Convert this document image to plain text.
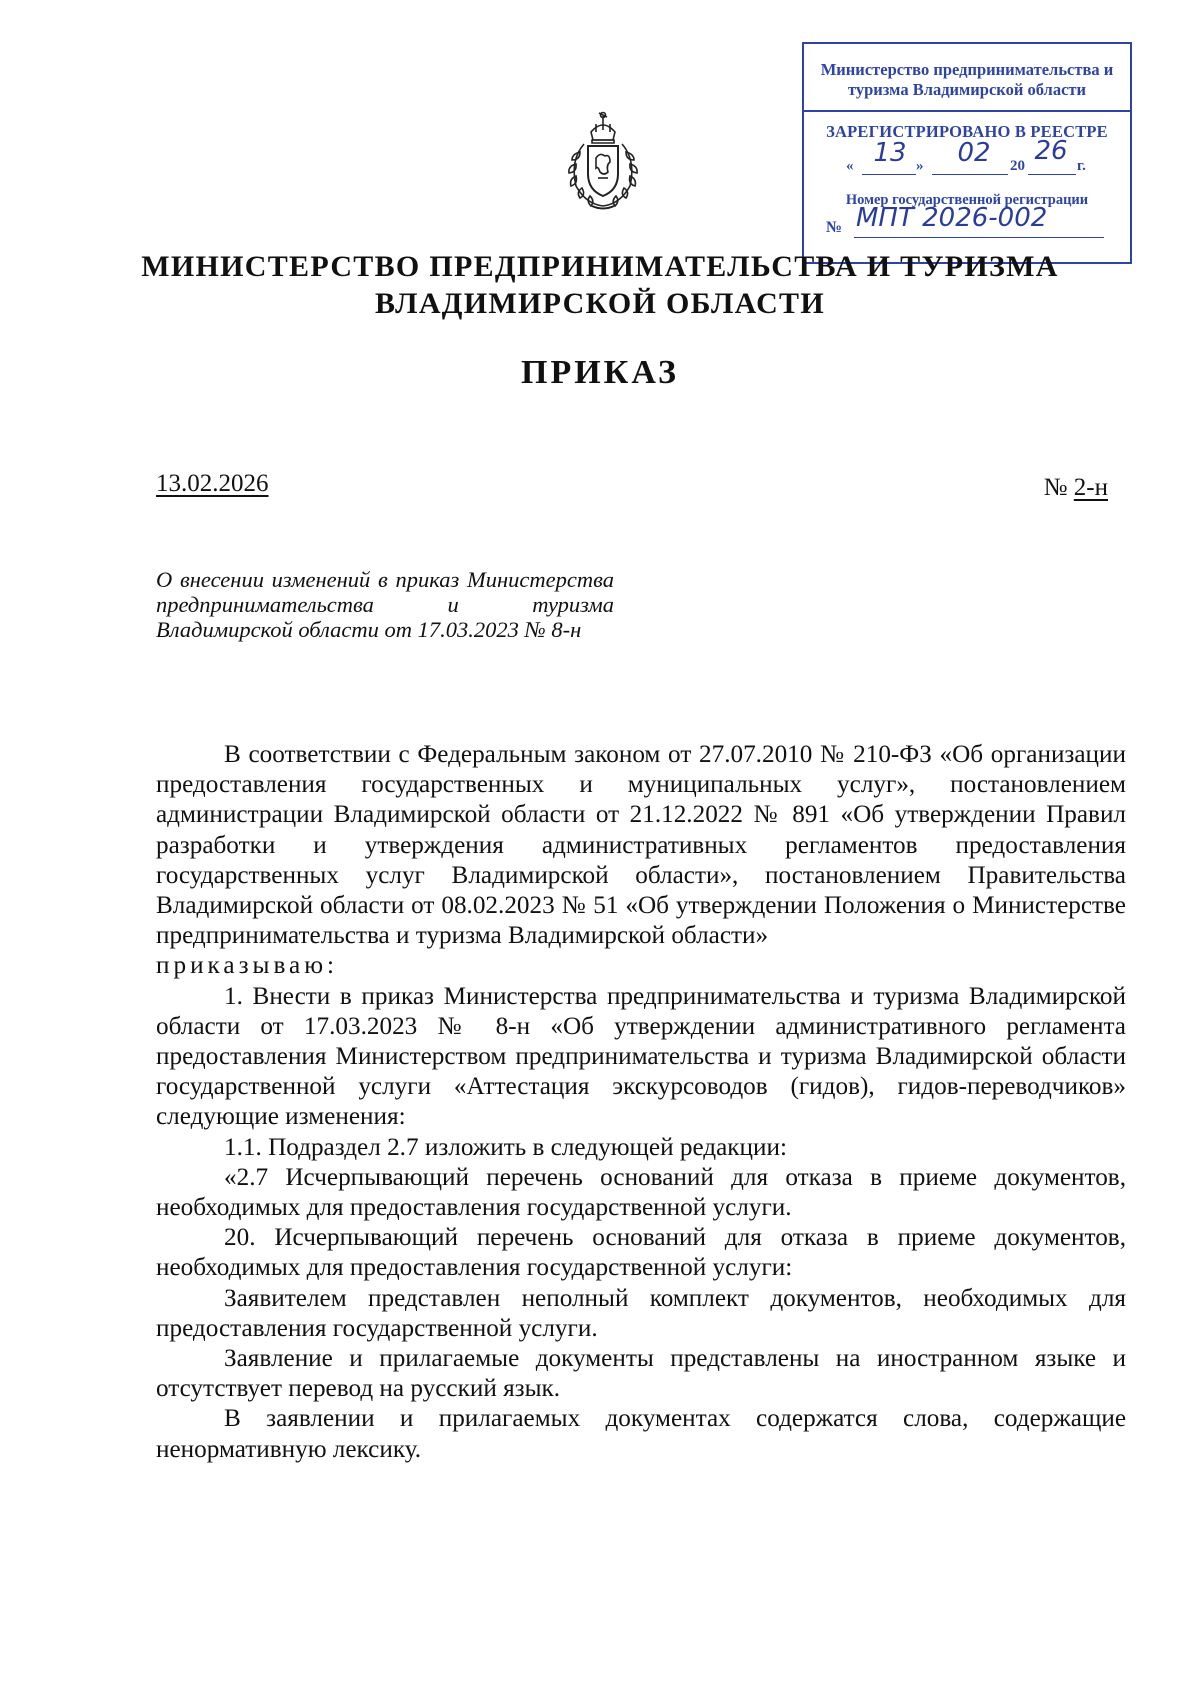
Министерство предпринимательства и туризма Владимирской области
ЗАРЕГИСТРИРОВАНО В РЕЕСТРЕ
« 13 »	02	20 26 г.
Номер государственной регистрации
№ МПТ 2026-002
МИНИСТЕРСТВО ПРЕДПРИНИМАТЕЛЬСТВА И ТУРИЗМА
ВЛАДИМИРСКОЙ ОБЛАСТИ
ПРИКАЗ
13.02.2026	№ 2-н
О внесении изменений в приказ Министерства предпринимательства и туризма Владимирской области от 17.03.2023 № 8-н

В соответствии с Федеральным законом от 27.07.2010 № 210-ФЗ «Об организации предоставления государственных и муниципальных услуг», постановлением администрации Владимирской области от 21.12.2022 № 891 «Об утверждении Правил разработки и утверждения административных регламентов предоставления государственных услуг Владимирской области», постановлением Правительства Владимирской области от 08.02.2023 № 51 «Об утверждении Положения о Министерстве предпринимательства и туризма Владимирской области»

приказываю:

1. Внести в приказ Министерства предпринимательства и туризма Владимирской области от 17.03.2023 № 8-н «Об утверждении административного регламента предоставления Министерством предпринимательства и туризма Владимирской области государственной услуги «Аттестация экскурсоводов (гидов), гидов-переводчиков» следующие изменения:

1.1. Подраздел 2.7 изложить в следующей редакции:

«2.7 Исчерпывающий перечень оснований для отказа в приеме документов, необходимых для предоставления государственной услуги.

20. Исчерпывающий перечень оснований для отказа в приеме документов, необходимых для предоставления государственной услуги:

Заявителем представлен неполный комплект документов, необходимых для предоставления государственной услуги.

Заявление и прилагаемые документы представлены на иностранном языке и отсутствует перевод на русский язык.

В заявлении и прилагаемых документах содержатся слова, содержащие ненормативную лексику.
